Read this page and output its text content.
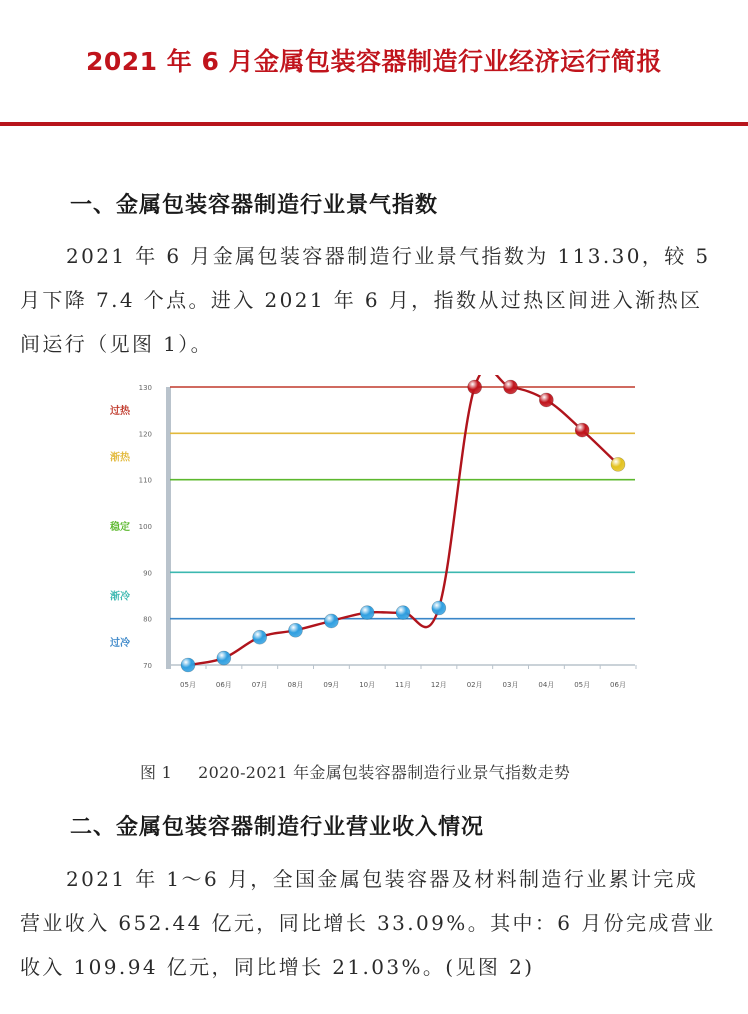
2021 年 6 月金属包装容器制造行业经济运行简报
一、金属包装容器制造行业景气指数
2021 年 6 月金属包装容器制造行业景气指数为 113.30，较 5
月下降 7.4 个点。进入 2021 年 6 月，指数从过热区间进入渐热区
间运行（见图 1）。
过热
渐热
稳定
渐冷
过冷
70
80
90
100
110
120
130
05月	06月	07月	08月	09月	10月	11月	12月	02月	03月	04月	05月	06月
图 1 2020-2021 年金属包装容器制造行业景气指数走势
二、金属包装容器制造行业营业收入情况
2021 年 1～6 月，全国金属包装容器及材料制造行业累计完成
营业收入 652.44 亿元，同比增长 33.09%。其中：6 月份完成营业
收入 109.94 亿元，同比增长 21.03%。(见图 2)
